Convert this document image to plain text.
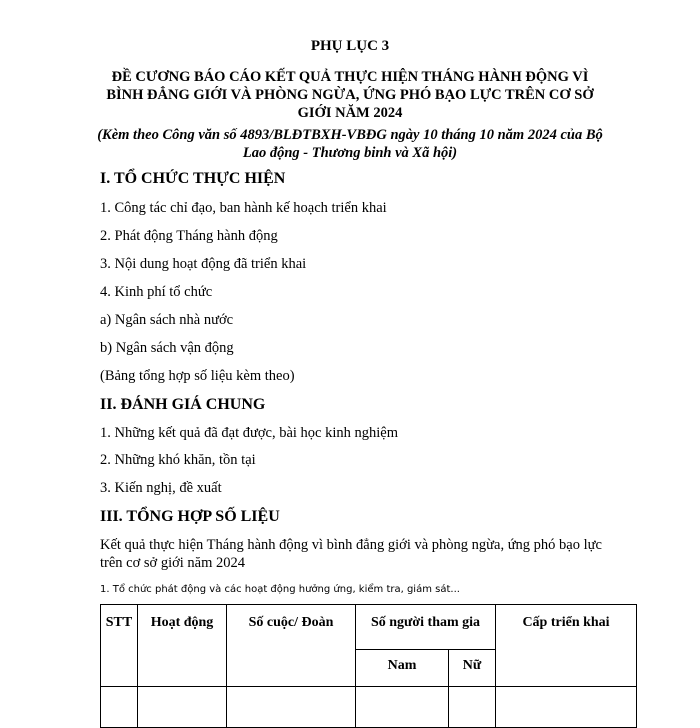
PHỤ LỤC 3
ĐỀ CƯƠNG BÁO CÁO KẾT QUẢ THỰC HIỆN THÁNG HÀNH ĐỘNG VÌ BÌNH ĐẲNG GIỚI VÀ PHÒNG NGỪA, ỨNG PHÓ BẠO LỰC TRÊN CƠ SỞ GIỚI NĂM 2024
(Kèm theo Công văn số 4893/BLĐTBXH-VBĐG ngày 10 tháng 10 năm 2024 của Bộ Lao động - Thương binh và Xã hội)
I. TỔ CHỨC THỰC HIỆN
1. Công tác chỉ đạo, ban hành kế hoạch triển khai
2. Phát động Tháng hành động
3. Nội dung hoạt động đã triển khai
4. Kinh phí tổ chức
a) Ngân sách nhà nước
b) Ngân sách vận động
(Bảng tổng hợp số liệu kèm theo)
II. ĐÁNH GIÁ CHUNG
1. Những kết quả đã đạt được, bài học kinh nghiệm
2. Những khó khăn, tồn tại
3. Kiến nghị, đề xuất
III. TỔNG HỢP SỐ LIỆU
Kết quả thực hiện Tháng hành động vì bình đẳng giới và phòng ngừa, ứng phó bạo lực trên cơ sở giới năm 2024
1. Tổ chức phát động và các hoạt động hưởng ứng, kiểm tra, giám sát...
STT	Hoạt động	Số cuộc/ Đoàn	Số người tham gia		Cấp triển khai
			Nam	Nữ	
